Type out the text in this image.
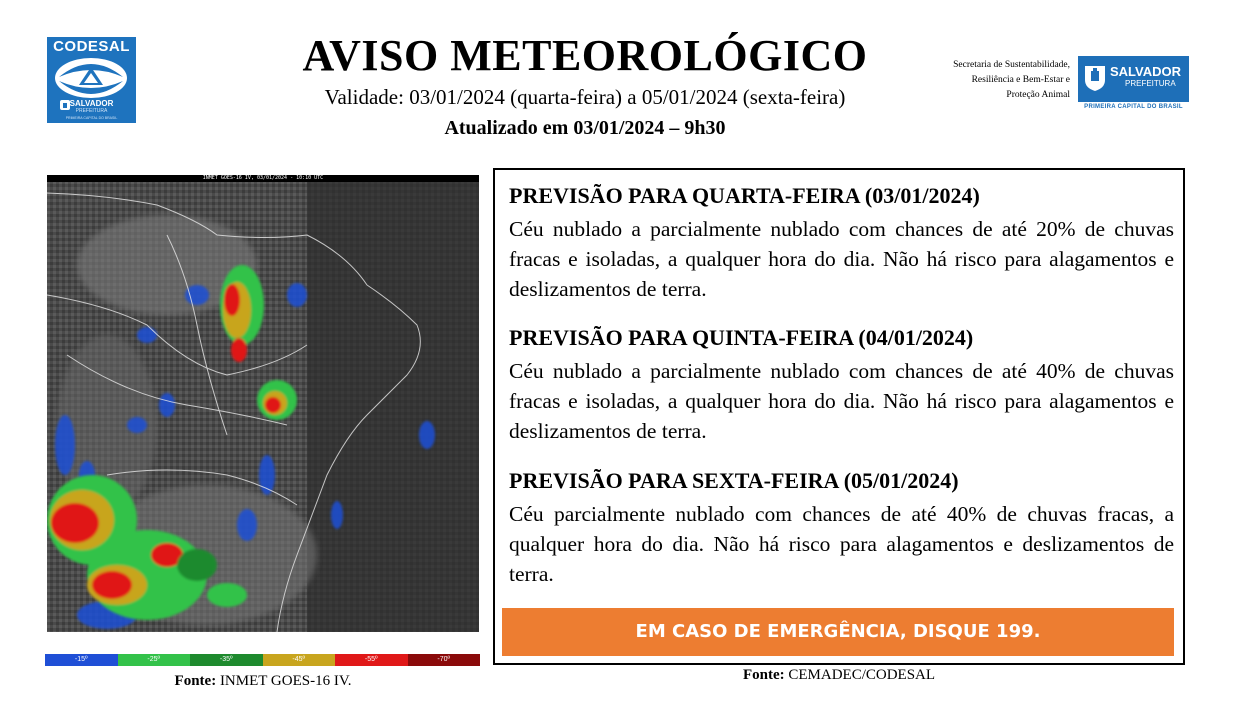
CODESAL
SALVADOR
PREFEITURA
PRIMEIRA CAPITAL DO BRASIL
AVISO METEOROLÓGICO
Validade: 03/01/2024 (quarta-feira) a 05/01/2024 (sexta-feira)
Atualizado em 03/01/2024 – 9h30
Secretaria de Sustentabilidade,
Resiliência e Bem-Estar e
Proteção Animal
SALVADOR
PREFEITURA
PRIMEIRA CAPITAL DO BRASIL
INMET GOES-16 IV, 03/01/2024 - 10:10 UTC
-15º	-25º	-35º	-45º	-55º	-70º
Fonte: INMET GOES-16 IV.
PREVISÃO PARA QUARTA-FEIRA (03/01/2024)

Céu nublado a parcialmente nublado com chances de até 20% de chuvas fracas e isoladas, a qualquer hora do dia. Não há risco para alagamentos e deslizamentos de terra.

PREVISÃO PARA QUINTA-FEIRA (04/01/2024)

Céu nublado a parcialmente nublado com chances de até 40% de chuvas fracas e isoladas, a qualquer hora do dia. Não há risco para alagamentos e deslizamentos de terra.

PREVISÃO PARA SEXTA-FEIRA (05/01/2024)

Céu parcialmente nublado com chances de até 40% de chuvas fracas, a qualquer hora do dia. Não há risco para alagamentos e deslizamentos de terra.

EM CASO DE EMERGÊNCIA, DISQUE 199.
Fonte: CEMADEC/CODESAL
